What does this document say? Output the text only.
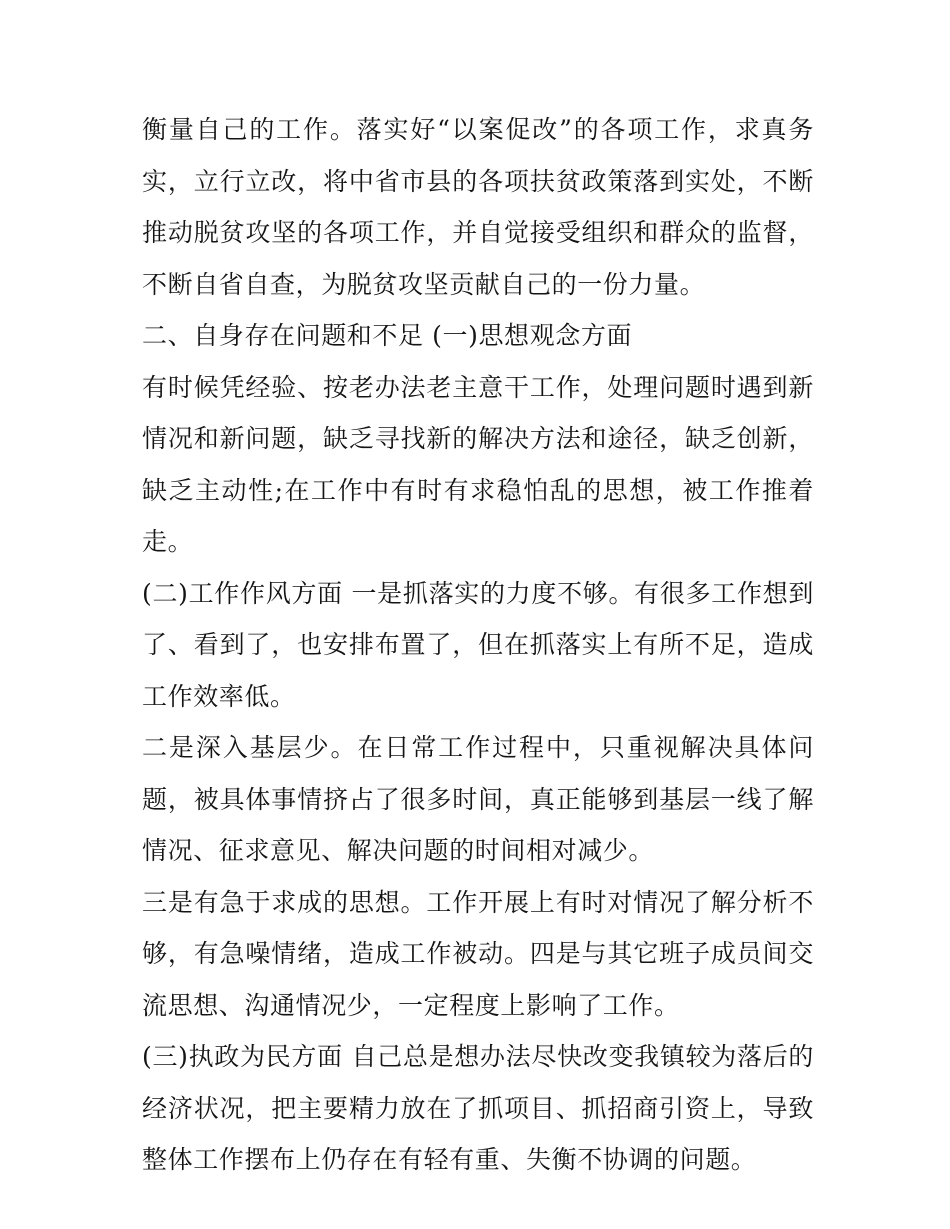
衡量自己的工作。落实好“以案促改”的各项工作，求真务实，立行立改，将中省市县的各项扶贫政策落到实处，不断推动脱贫攻坚的各项工作，并自觉接受组织和群众的监督，不断自省自查，为脱贫攻坚贡献自己的一份力量。

二、自身存在问题和不足 (一)思想观念方面

有时候凭经验、按老办法老主意干工作，处理问题时遇到新情况和新问题，缺乏寻找新的解决方法和途径，缺乏创新，缺乏主动性;在工作中有时有求稳怕乱的思想，被工作推着走。

(二)工作作风方面 一是抓落实的力度不够。有很多工作想到了、看到了，也安排布置了，但在抓落实上有所不足，造成工作效率低。

二是深入基层少。在日常工作过程中，只重视解决具体问题，被具体事情挤占了很多时间，真正能够到基层一线了解情况、征求意见、解决问题的时间相对减少。

三是有急于求成的思想。工作开展上有时对情况了解分析不够，有急噪情绪，造成工作被动。四是与其它班子成员间交流思想、沟通情况少，一定程度上影响了工作。

(三)执政为民方面 自己总是想办法尽快改变我镇较为落后的经济状况，把主要精力放在了抓项目、抓招商引资上，导致整体工作摆布上仍存在有轻有重、失衡不协调的问题。
